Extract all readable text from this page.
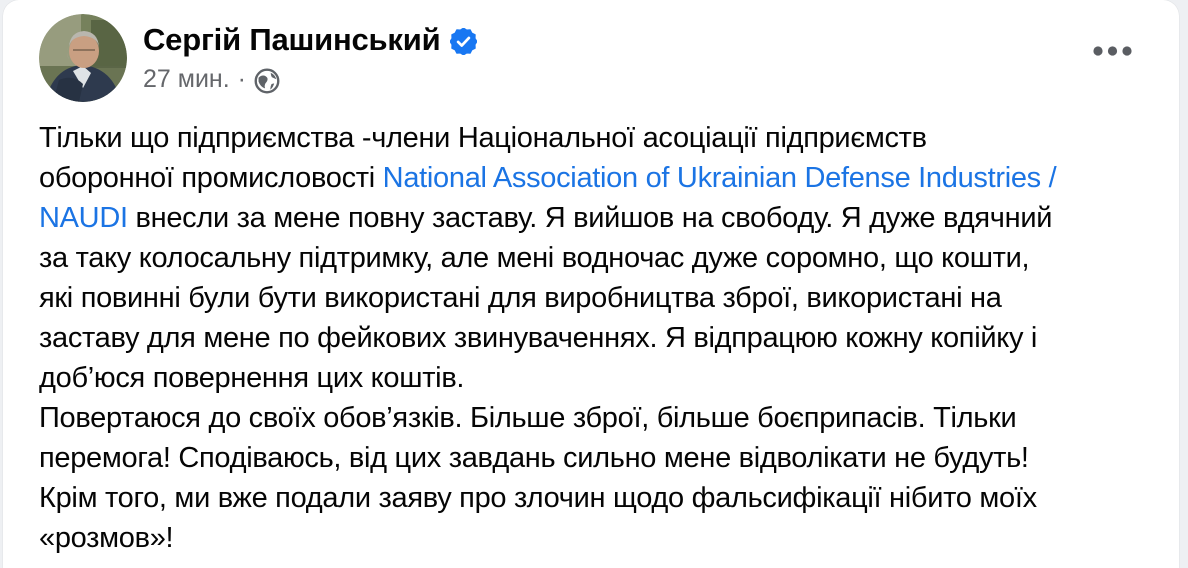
Сергій Пашинський
27 мин. ·
Тільки що підприємства -члени Національної асоціації підприємств
оборонної промисловості National Association of Ukrainian Defense Industries /
NAUDI внесли за мене повну заставу. Я вийшов на свободу. Я дуже вдячний
за таку колосальну підтримку, але мені водночас дуже соромно, що кошти,
які повинні були бути використані для виробництва зброї, використані на
заставу для мене по фейкових звинуваченнях. Я відпрацюю кожну копійку і
доб’юся повернення цих коштів.
Повертаюся до своїх обов’язків. Більше зброї, більше боєприпасів. Тільки
перемога! Сподіваюсь, від цих завдань сильно мене відволікати не будуть!
Крім того, ми вже подали заяву про злочин щодо фальсифікації нібито моїх
«розмов»!
